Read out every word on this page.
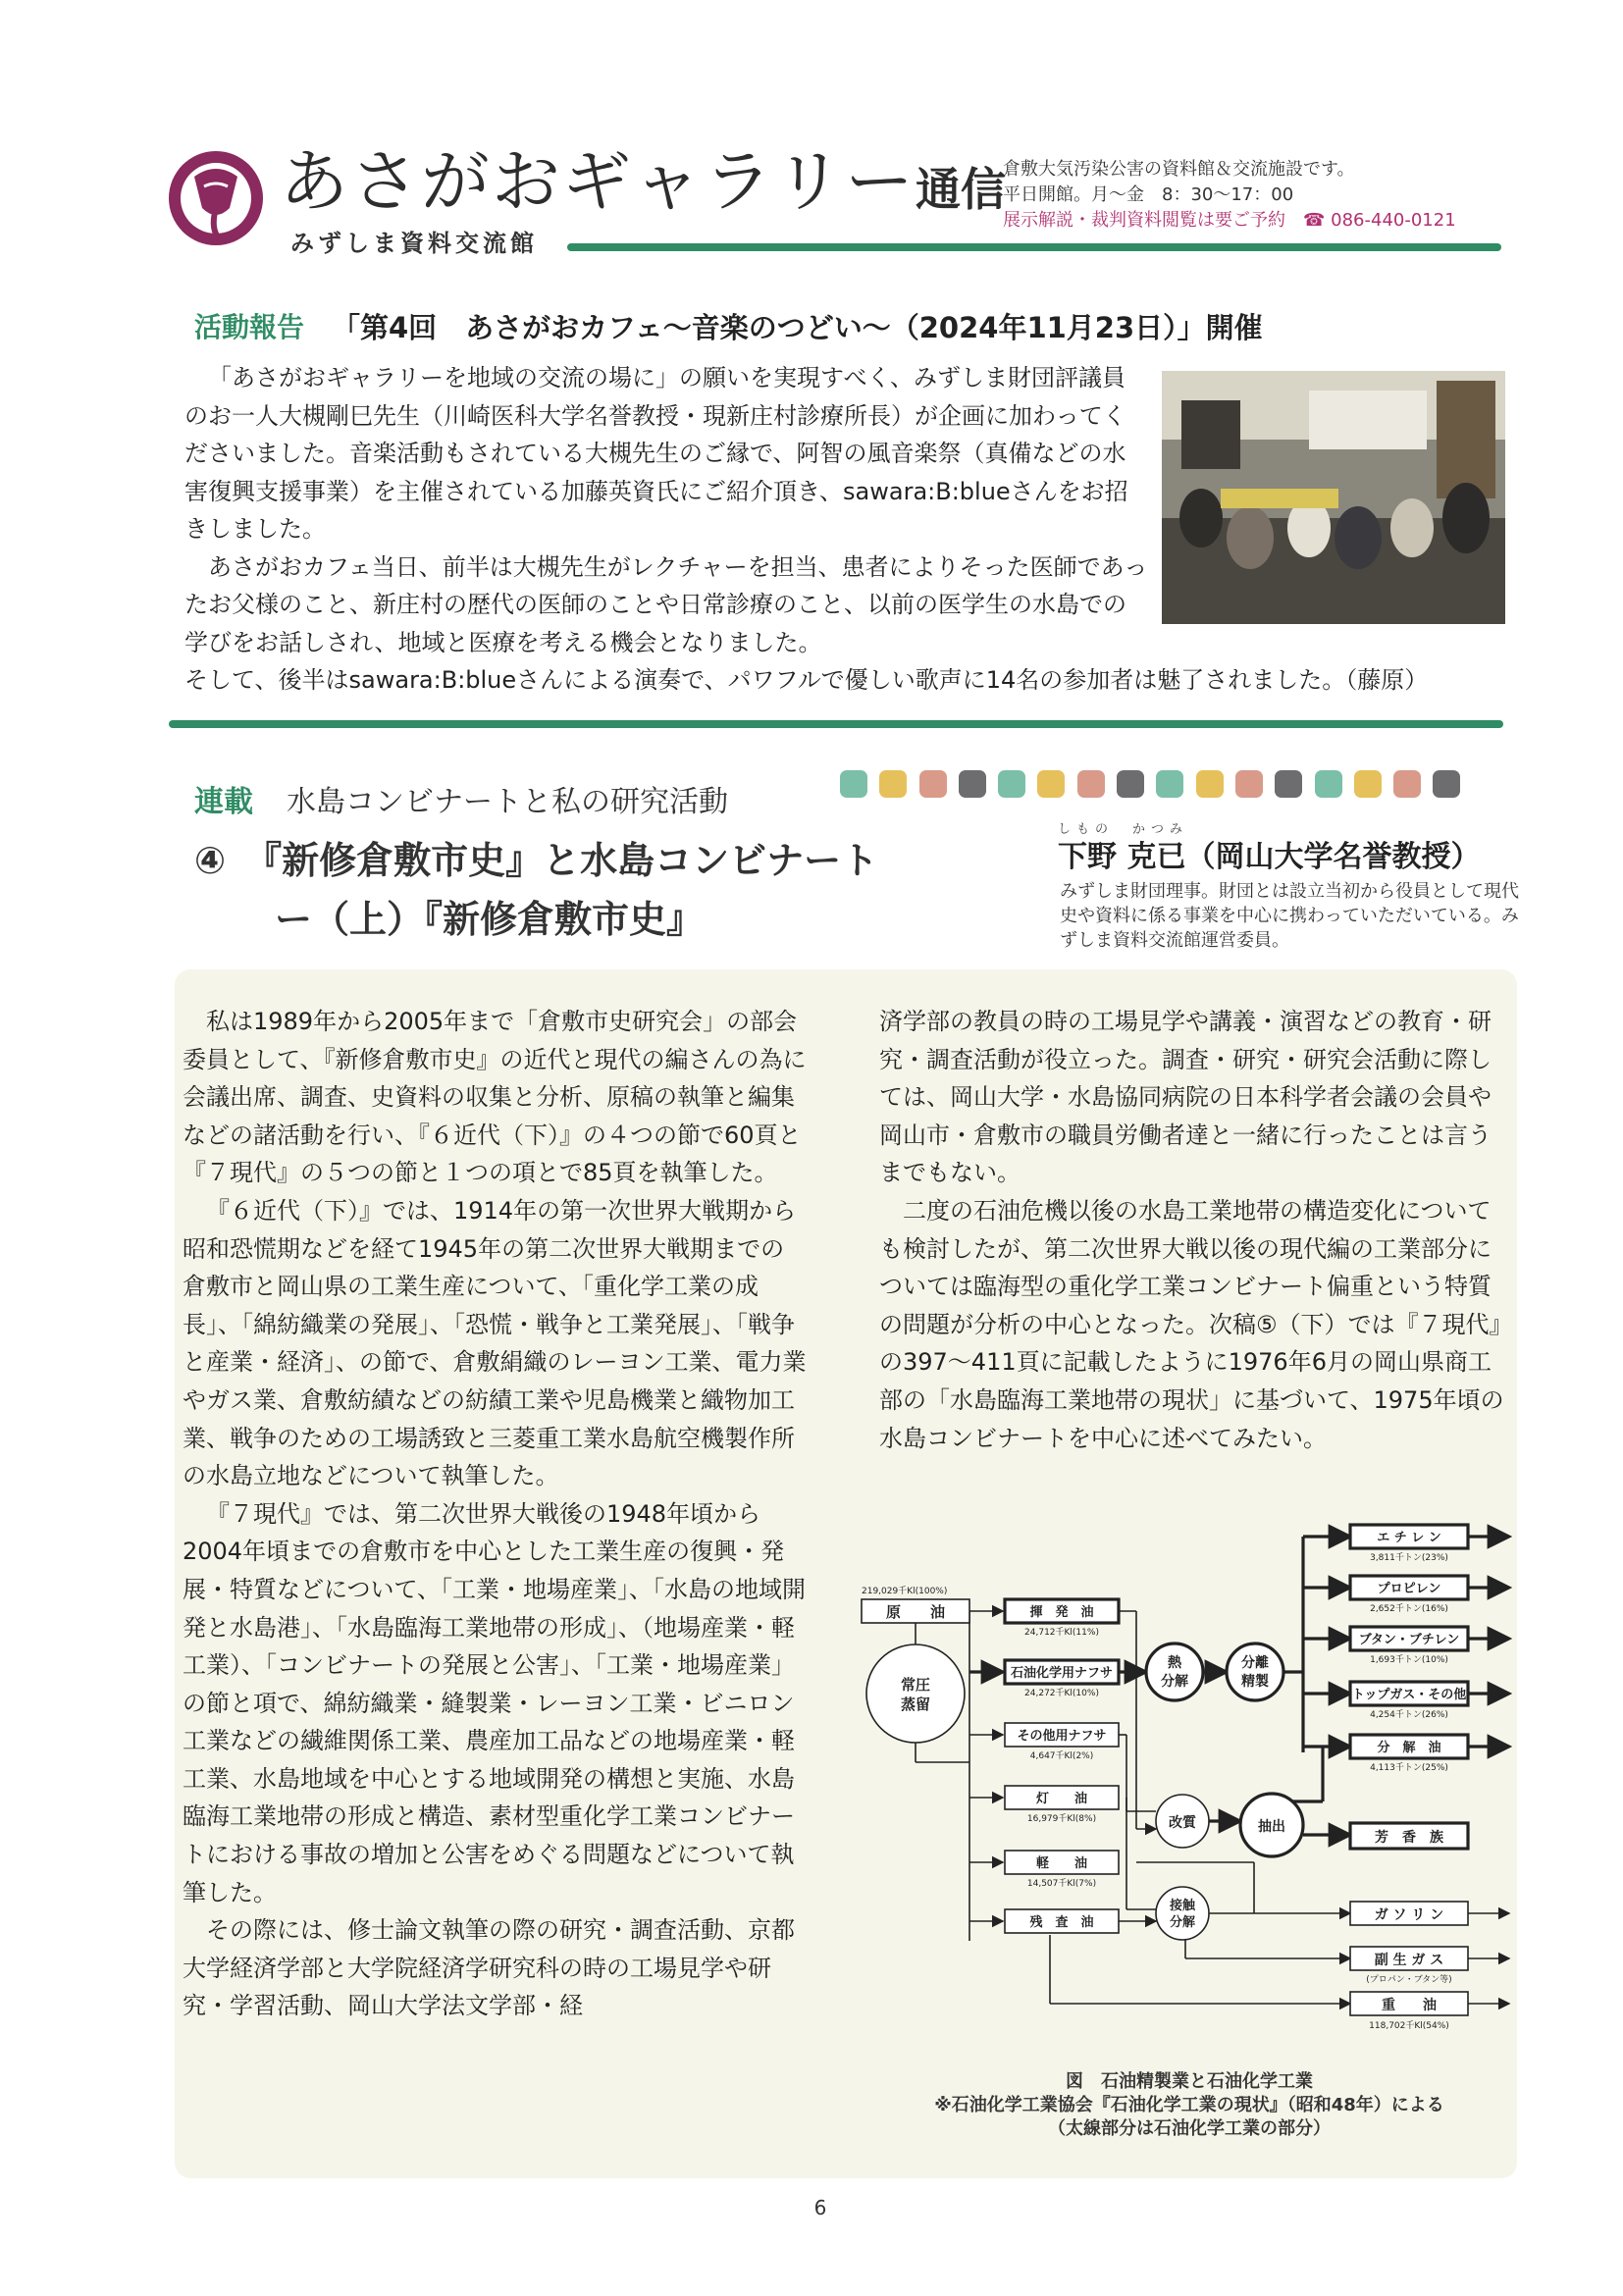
あさがおギャラリー通信
みずしま資料交流館
倉敷大気汚染公害の資料館＆交流施設です。
平日開館。月〜金　8：30〜17：00
展示解説・裁判資料閲覧は要ご予約　 ☎ 086-440-0121
活動報告 「第4回　あさがおカフェ〜音楽のつどい〜（2024年11月23日）」開催

「あさがおギャラリーを地域の交流の場に」の願いを実現すべく、みずしま財団評議員のお一人大槻剛巳先生（川崎医科大学名誉教授・現新庄村診療所長）が企画に加わってくださいました。音楽活動もされている大槻先生のご縁で、阿智の風音楽祭（真備などの水害復興支援事業）を主催されている加藤英資氏にご紹介頂き、sawara:B:blueさんをお招きしました。

あさがおカフェ当日、前半は大槻先生がレクチャーを担当、患者によりそった医師であったお父様のこと、新庄村の歴代の医師のことや日常診療のこと、以前の医学生の水島での学びをお話しされ、地域と医療を考える機会となりました。

そして、後半はsawara:B:blueさんによる演奏で、パワフルで優しい歌声に14名の参加者は魅了されました。（藤原）
連載 水島コンビナートと私の研究活動
④　『新修倉敷市史』と水島コンビナート
ー（上）『新修倉敷市史』
しもの　かつみ
下野 克已（岡山大学名誉教授）
みずしま財団理事。財団とは設立当初から役員として現代史や資料に係る事業を中心に携わっていただいている。みずしま資料交流館運営委員。

私は1989年から2005年まで「倉敷市史研究会」の部会委員として、『新修倉敷市史』の近代と現代の編さんの為に会議出席、調査、史資料の収集と分析、原稿の執筆と編集などの諸活動を行い、『６近代（下）』の４つの節で60頁と『７現代』の５つの節と１つの項とで85頁を執筆した。

『６近代（下）』では、1914年の第一次世界大戦期から昭和恐慌期などを経て1945年の第二次世界大戦期までの倉敷市と岡山県の工業生産について、「重化学工業の成長」、「綿紡織業の発展」、「恐慌・戦争と工業発展」、「戦争と産業・経済」、の節で、倉敷絹織のレーヨン工業、電力業やガス業、倉敷紡績などの紡績工業や児島機業と織物加工業、戦争のための工場誘致と三菱重工業水島航空機製作所の水島立地などについて執筆した。

『７現代』では、第二次世界大戦後の1948年頃から2004年頃までの倉敷市を中心とした工業生産の復興・発展・特質などについて、「工業・地場産業」、「水島の地域開発と水島港」、「水島臨海工業地帯の形成」、（地場産業・軽工業）、「コンビナートの発展と公害」、「工業・地場産業」の節と項で、綿紡織業・縫製業・レーヨン工業・ビニロン工業などの繊維関係工業、農産加工品などの地場産業・軽工業、水島地域を中心とする地域開発の構想と実施、水島臨海工業地帯の形成と構造、素材型重化学工業コンビナートにおける事故の増加と公害をめぐる問題などについて執筆した。

その際には、修士論文執筆の際の研究・調査活動、京都大学経済学部と大学院経済学研究科の時の工場見学や研究・学習活動、岡山大学法文学部・経

済学部の教員の時の工場見学や講義・演習などの教育・研究・調査活動が役立った。調査・研究・研究会活動に際しては、岡山大学・水島協同病院の日本科学者会議の会員や岡山市・倉敷市の職員労働者達と一緒に行ったことは言うまでもない。

二度の石油危機以後の水島工業地帯の構造変化についても検討したが、第二次世界大戦以後の現代編の工業部分については臨海型の重化学工業コンビナート偏重という特質の問題が分析の中心となった。次稿⑤（下）では『７現代』の397〜411頁に記載したように1976年6月の岡山県商工部の「水島臨海工業地帯の現状」に基づいて、1975年頃の水島コンビナートを中心に述べてみたい。

219,029千Kl(100%)
原　　油
常圧
蒸留
揮　発　油
24,712千Kl(11%)
石油化学用ナフサ
24,272千Kl(10%)
その他用ナフサ
4,647千Kl(2%)
灯　　油
16,979千Kl(8%)
軽　　油
14,507千Kl(7%)
残　査　油
熱
分解
分離
精製
改質	抽出
接触
分解
エ チ レ ン
3,811千トン(23%)
プロピレン
2,652千トン(16%)
ブタン・ブチレン
1,693千トン(10%)
トップガス・その他
4,254千トン(26%)
分　解　油
4,113千トン(25%)
芳　香　族
ガ ソ リ ン
副 生 ガ ス
(プロパン・ブタン等)
重　　油
118,702千Kl(54%)
図　石油精製業と石油化学工業
※石油化学工業協会『石油化学工業の現状』（昭和48年）による
（太線部分は石油化学工業の部分）
6
